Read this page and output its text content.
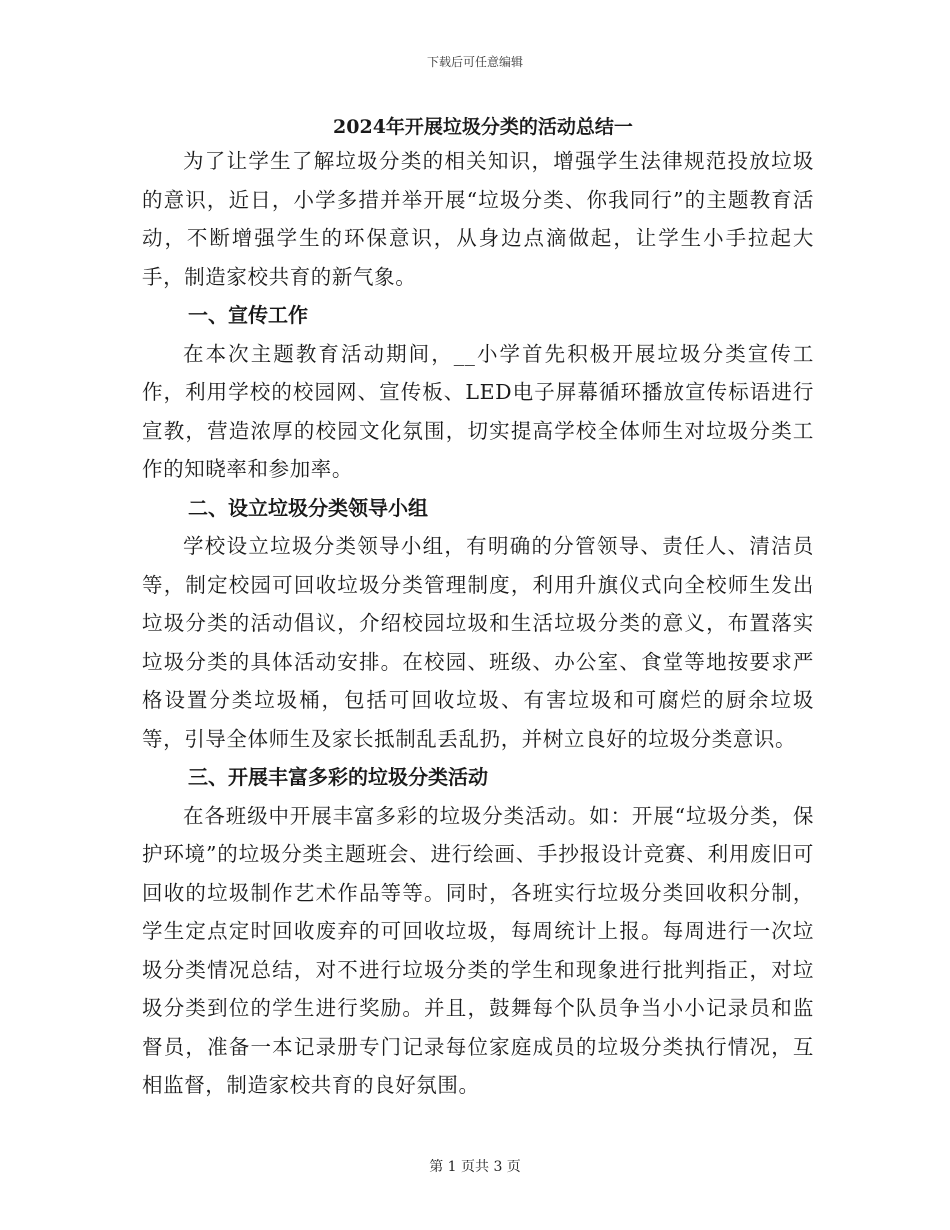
下载后可任意编辑
2024年开展垃圾分类的活动总结一

为了让学生了解垃圾分类的相关知识，增强学生法律规范投放垃圾的意识，近日，小学多措并举开展“垃圾分类、你我同行”的主题教育活动，不断增强学生的环保意识，从身边点滴做起，让学生小手拉起大手，制造家校共育的新气象。

一、宣传工作

在本次主题教育活动期间，__小学首先积极开展垃圾分类宣传工作，利用学校的校园网、宣传板、LED电子屏幕循环播放宣传标语进行宣教，营造浓厚的校园文化氛围，切实提高学校全体师生对垃圾分类工作的知晓率和参加率。

二、设立垃圾分类领导小组

学校设立垃圾分类领导小组，有明确的分管领导、责任人、清洁员等，制定校园可回收垃圾分类管理制度，利用升旗仪式向全校师生发出垃圾分类的活动倡议，介绍校园垃圾和生活垃圾分类的意义，布置落实垃圾分类的具体活动安排。在校园、班级、办公室、食堂等地按要求严格设置分类垃圾桶，包括可回收垃圾、有害垃圾和可腐烂的厨余垃圾等，引导全体师生及家长抵制乱丢乱扔，并树立良好的垃圾分类意识。

三、开展丰富多彩的垃圾分类活动

在各班级中开展丰富多彩的垃圾分类活动。如：开展“垃圾分类，保护环境”的垃圾分类主题班会、进行绘画、手抄报设计竞赛、利用废旧可回收的垃圾制作艺术作品等等。同时，各班实行垃圾分类回收积分制，学生定点定时回收废弃的可回收垃圾，每周统计上报。每周进行一次垃圾分类情况总结，对不进行垃圾分类的学生和现象进行批判指正，对垃圾分类到位的学生进行奖励。并且，鼓舞每个队员争当小小记录员和监督员，准备一本记录册专门记录每位家庭成员的垃圾分类执行情况，互相监督，制造家校共育的良好氛围。

第 1 页共 3 页
